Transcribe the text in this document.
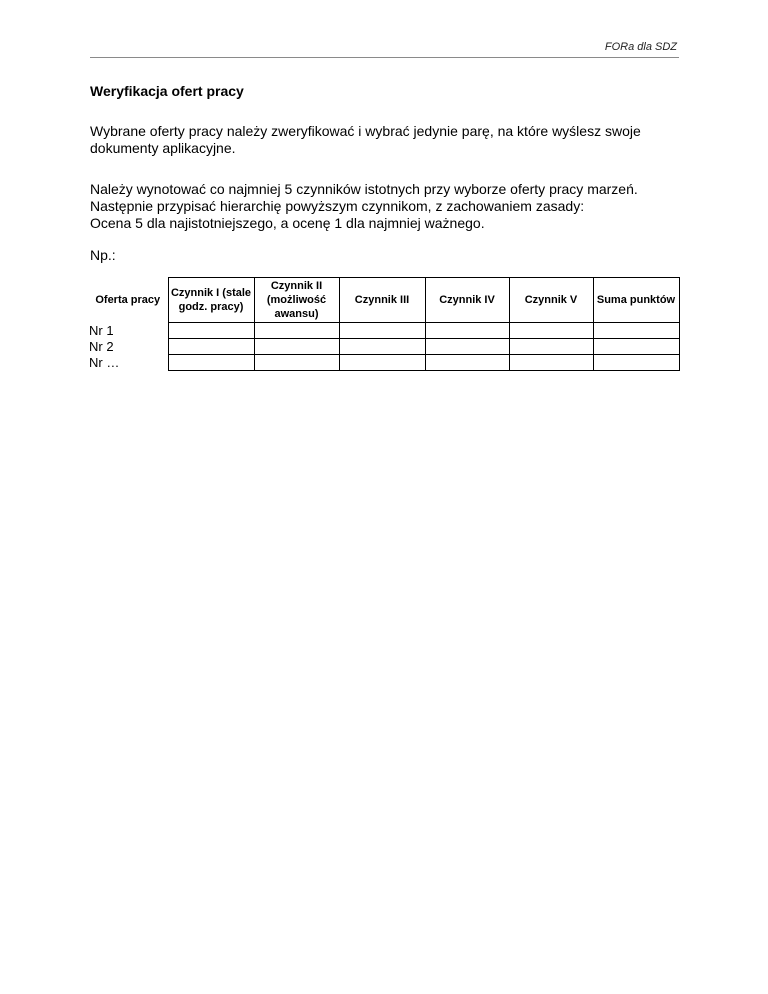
FORa dla SDZ

Weryfikacja ofert pracy

Wybrane oferty pracy należy zweryfikować i wybrać jedynie parę, na które wyślesz swoje dokumenty aplikacyjne.

Należy wynotować co najmniej 5 czynników istotnych przy wyborze oferty pracy marzeń.
Następnie przypisać hierarchię powyższym czynnikom, z zachowaniem zasady:
Ocena 5 dla najistotniejszego, a ocenę 1 dla najmniej ważnego.

Np.:

Oferta pracy	Czynnik I (stale godz. pracy)	Czynnik II (możliwość awansu)	Czynnik III	Czynnik IV	Czynnik V	Suma punktów
Nr 1						
Nr 2						
Nr …						
